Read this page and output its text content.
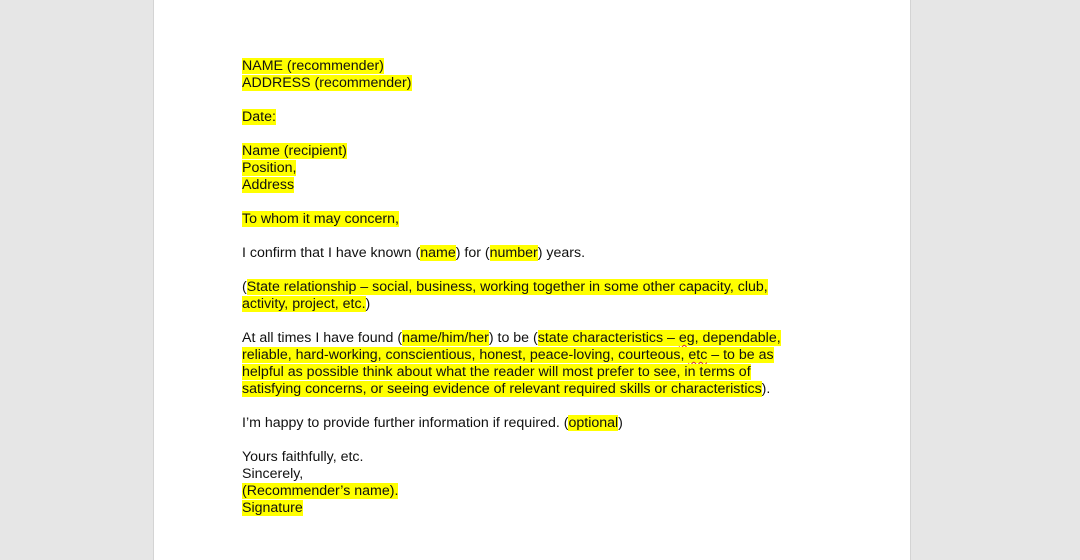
NAME (recommender)
ADDRESS (recommender)
Date:
Name (recipient)
Position,
Address
To whom it may concern,
I confirm that I have known (name) for (number) years.
(State relationship – social, business, working together in some other capacity, club,
activity, project, etc.)
At all times I have found (name/him/her) to be (state characteristics – eg, dependable,
reliable, hard-working, conscientious, honest, peace-loving, courteous, etc – to be as
helpful as possible think about what the reader will most prefer to see, in terms of
satisfying concerns, or seeing evidence of relevant required skills or characteristics).
I’m happy to provide further information if required. (optional)
Yours faithfully, etc.
Sincerely,
(Recommender’s name).
Signature
